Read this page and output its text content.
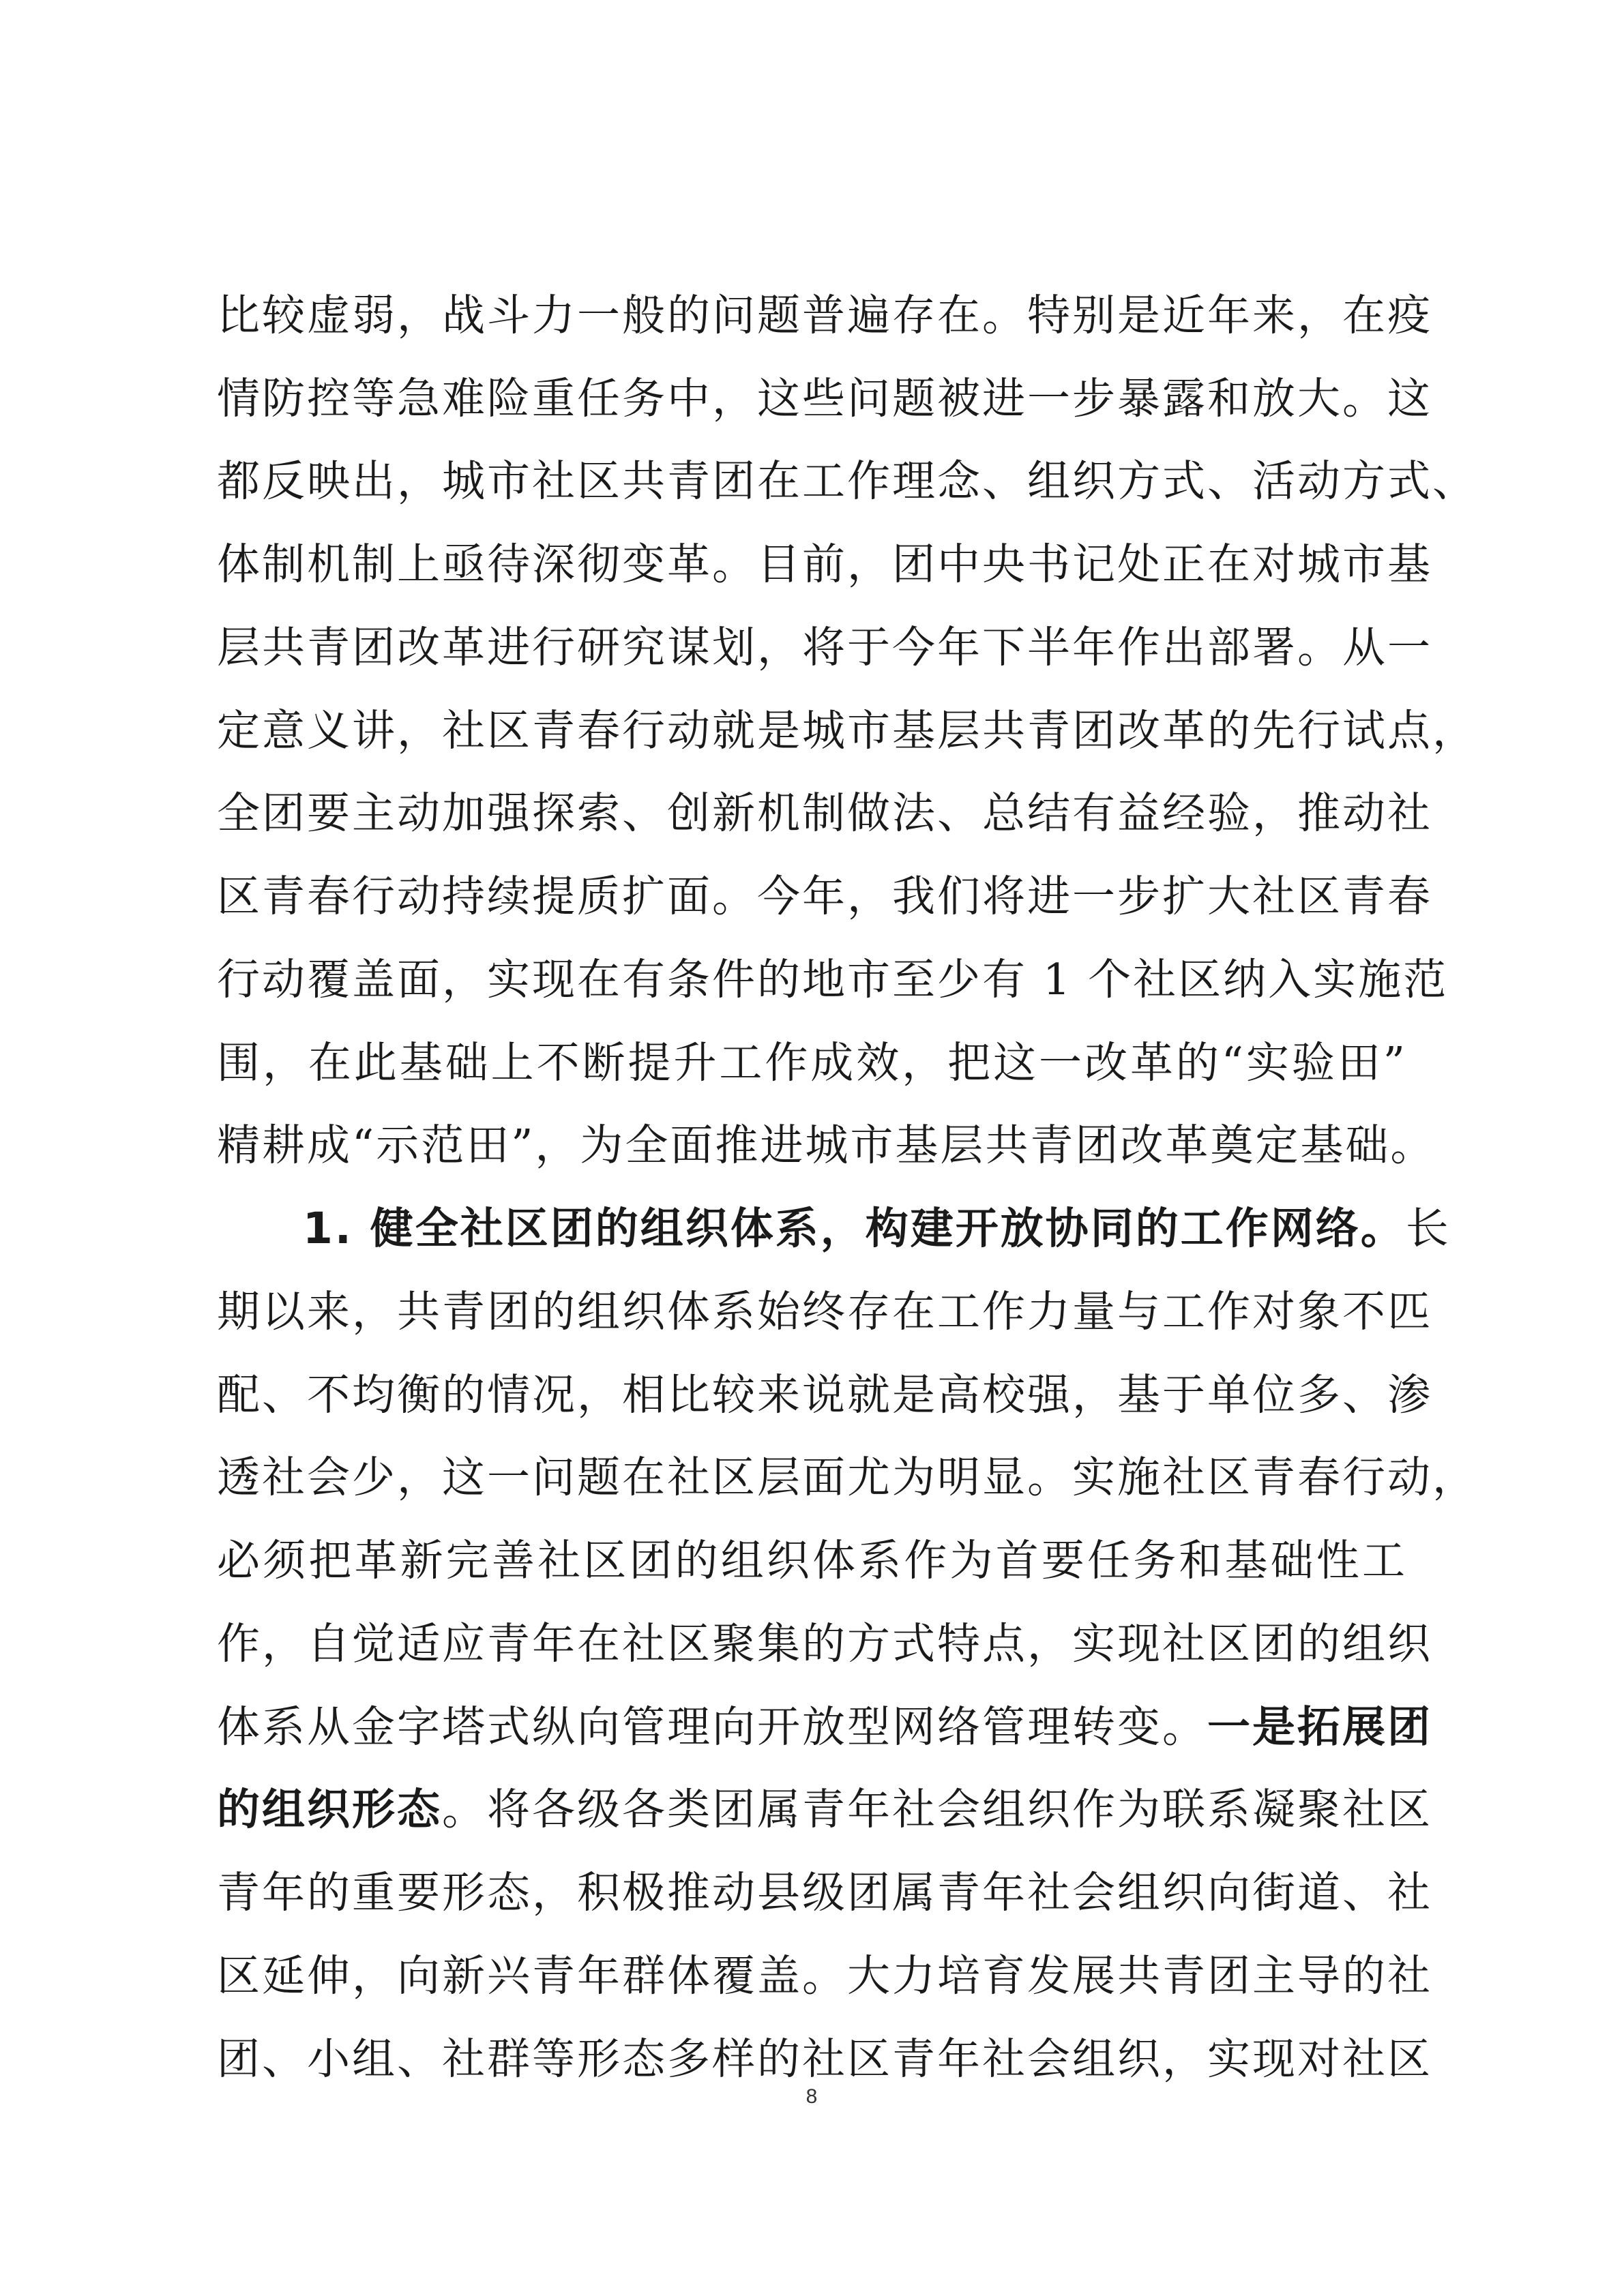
比较虚弱，战斗力一般的问题普遍存在。特别是近年来，在疫
情防控等急难险重任务中，这些问题被进一步暴露和放大。这
都反映出，城市社区共青团在工作理念、组织方式、活动方式、
体制机制上亟待深彻变革。目前，团中央书记处正在对城市基
层共青团改革进行研究谋划，将于今年下半年作出部署。从一
定意义讲，社区青春行动就是城市基层共青团改革的先行试点，
全团要主动加强探索、创新机制做法、总结有益经验，推动社
区青春行动持续提质扩面。今年，我们将进一步扩大社区青春
行动覆盖面，实现在有条件的地市至少有 1 个社区纳入实施范
围，在此基础上不断提升工作成效，把这一改革的“实验田”
精耕成“示范田”，为全面推进城市基层共青团改革奠定基础。
1. 健全社区团的组织体系，构建开放协同的工作网络。长
期以来，共青团的组织体系始终存在工作力量与工作对象不匹
配、不均衡的情况，相比较来说就是高校强，基于单位多、渗
透社会少，这一问题在社区层面尤为明显。实施社区青春行动，
必须把革新完善社区团的组织体系作为首要任务和基础性工
作，自觉适应青年在社区聚集的方式特点，实现社区团的组织
体系从金字塔式纵向管理向开放型网络管理转变。一是拓展团
的组织形态。将各级各类团属青年社会组织作为联系凝聚社区
青年的重要形态，积极推动县级团属青年社会组织向街道、社
区延伸，向新兴青年群体覆盖。大力培育发展共青团主导的社
团、小组、社群等形态多样的社区青年社会组织，实现对社区
8
